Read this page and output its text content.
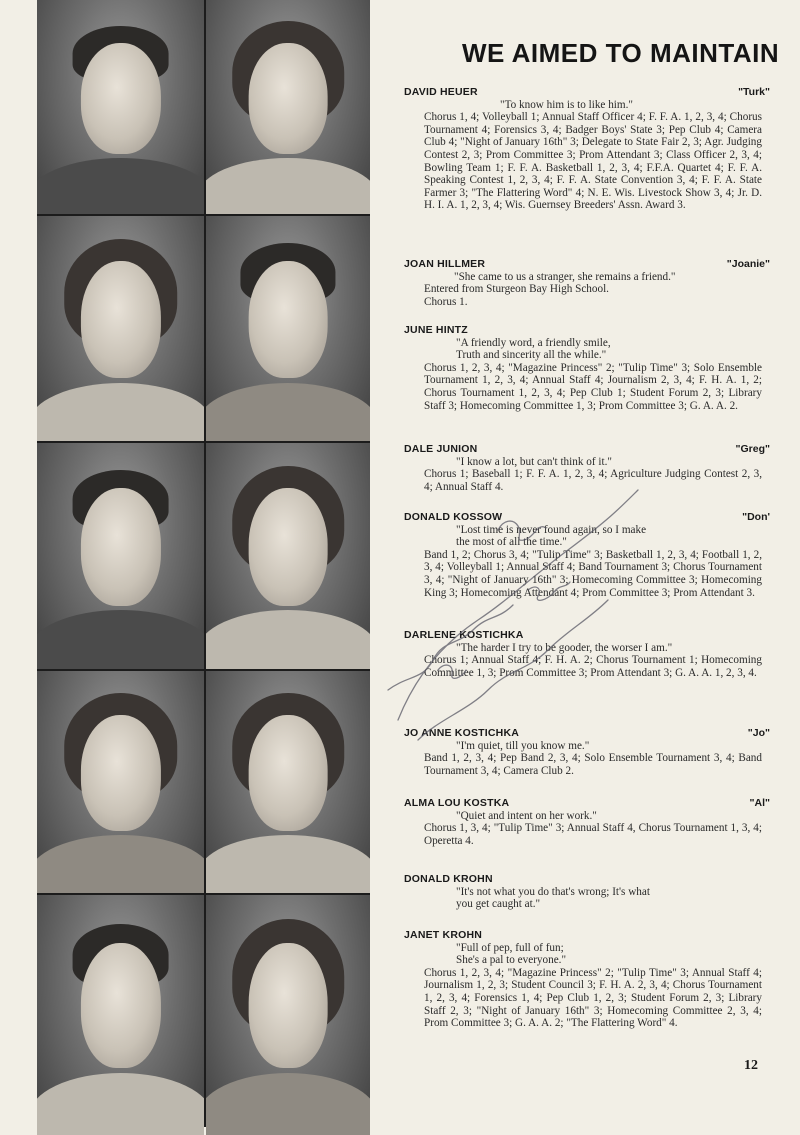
WE AIMED TO MAINTAIN
DAVID HEUER	"Turk"
"To know him is to like him."
Chorus 1, 4; Volleyball 1; Annual Staff Officer 4; F. F. A. 1, 2, 3, 4; Chorus Tournament 4; Forensics 3, 4; Badger Boys' State 3; Pep Club 4; Camera Club 4; "Night of January 16th" 3; Delegate to State Fair 2, 3; Agr. Judging Contest 2, 3; Prom Committee 3; Prom Attendant 3; Class Officer 2, 3, 4; Bowling Team 1; F. F. A. Basketball 1, 2, 3, 4; F.F.A. Quartet 4; F. F. A. Speaking Contest 1, 2, 3, 4; F. F. A. State Convention 3, 4; F. F. A. State Farmer 3; "The Flattering Word" 4; N. E. Wis. Livestock Show 3, 4; Jr. D. H. I. A. 1, 2, 3, 4; Wis. Guernsey Breeders' Assn. Award 3.
JOAN HILLMER	"Joanie"
"She came to us a stranger, she remains a friend."
Entered from Sturgeon Bay High School.
Chorus 1.
JUNE HINTZ
"A friendly word, a friendly smile,
Truth and sincerity all the while."
Chorus 1, 2, 3, 4; "Magazine Princess" 2; "Tulip Time" 3; Solo Ensemble Tournament 1, 2, 3, 4; Annual Staff 4; Journalism 2, 3, 4; F. H. A. 1, 2; Chorus Tournament 1, 2, 3, 4; Pep Club 1; Student Forum 2, 3; Library Staff 3; Homecoming Committee 1, 3; Prom Committee 3; G. A. A. 2.
DALE JUNION	"Greg"
"I know a lot, but can't think of it."
Chorus 1; Baseball 1; F. F. A. 1, 2, 3, 4; Agriculture Judging Contest 2, 3, 4; Annual Staff 4.
DONALD KOSSOW	"Don'
"Lost time is never found again, so I make
the most of all the time."
Band 1, 2; Chorus 3, 4; "Tulip Time" 3; Basketball 1, 2, 3, 4; Football 1, 2, 3, 4; Volleyball 1; Annual Staff 4; Band Tournament 3; Chorus Tournament 3, 4; "Night of January 16th" 3; Homecoming Committee 3; Homecoming King 3; Homecoming Attendant 4; Prom Committee 3; Prom Attendant 3.
DARLENE KOSTICHKA
"The harder I try to be gooder, the worser I am."
Chorus 1; Annual Staff 4; F. H. A. 2; Chorus Tournament 1; Homecoming Committee 1, 3; Prom Committee 3; Prom Attendant 3; G. A. A. 1, 2, 3, 4.
JO ANNE KOSTICHKA	"Jo"
"I'm quiet, till you know me."
Band 1, 2, 3, 4; Pep Band 2, 3, 4; Solo Ensemble Tournament 3, 4; Band Tournament 3, 4; Camera Club 2.
ALMA LOU KOSTKA	"Al"
"Quiet and intent on her work."
Chorus 1, 3, 4; "Tulip Time" 3; Annual Staff 4, Chorus Tournament 1, 3, 4; Operetta 4.
DONALD KROHN
"It's not what you do that's wrong; It's what
you get caught at."
JANET KROHN
"Full of pep, full of fun;
She's a pal to everyone."
Chorus 1, 2, 3, 4; "Magazine Princess" 2; "Tulip Time" 3; Annual Staff 4; Journalism 1, 2, 3; Student Council 3; F. H. A. 2, 3, 4; Chorus Tournament 1, 2, 3, 4; Forensics 1, 4; Pep Club 1, 2, 3; Student Forum 2, 3; Library Staff 2, 3; "Night of January 16th" 3; Homecoming Committee 2, 3, 4; Prom Committee 3; G. A. A. 2; "The Flattering Word" 4.
12
